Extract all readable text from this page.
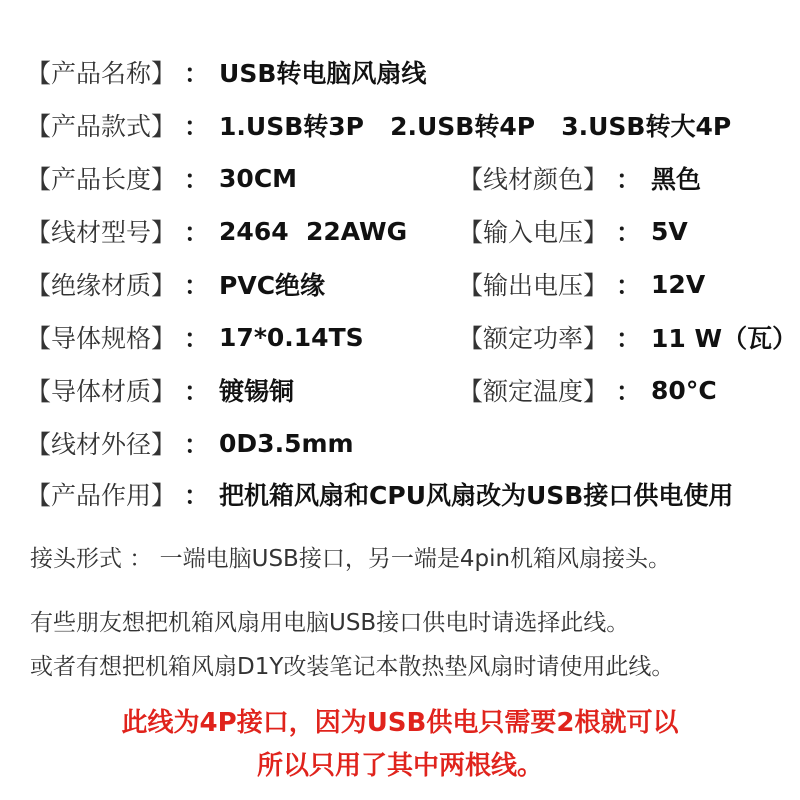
【产品名称】 ： USB转电脑风扇线
【产品款式】 ： 1.USB转3P   2.USB转4P   3.USB转大4P
【产品长度】 ： 30CM
【线材型号】 ： 2464  22AWG
【绝缘材质】 ： PVC绝缘
【导体规格】 ： 17*0.14TS
【导体材质】 ： 镀锡铜
【线材外径】 ： 0D3.5mm
【产品作用】 ： 把机箱风扇和CPU风扇改为USB接口供电使用
【线材颜色】 ： 黑色
【输入电压】 ： 5V
【输出电压】 ： 12V
【额定功率】 ： 11 W（瓦）
【额定温度】 ： 80°C
接头形式 ： 一端电脑USB接口，另一端是4pin机箱风扇接头。
有些朋友想把机箱风扇用电脑USB接口供电时请选择此线。
或者有想把机箱风扇D1Y改装笔记本散热垫风扇时请使用此线。
此线为4P接口，因为USB供电只需要2根就可以
所以只用了其中两根线。
